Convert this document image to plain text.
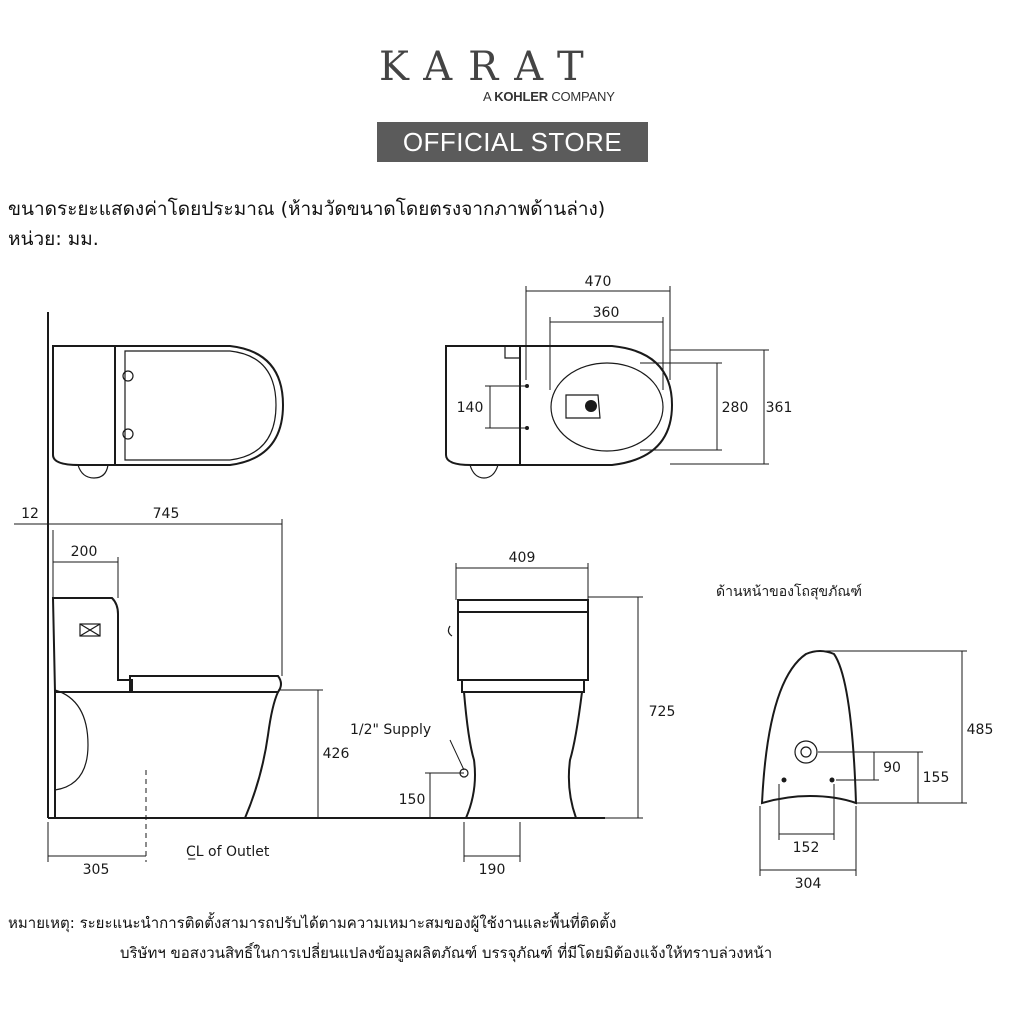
KARAT
A KOHLER COMPANY
OFFICIAL STORE
ขนาดระยะแสดงค่าโดยประมาณ (ห้ามวัดขนาดโดยตรงจากภาพด้านล่าง)
หน่วย: มม.
470
360
140	280 361
12	745
200
426
305
C̲L of Outlet
409
725
1/2" Supply
150
190
ด้านหน้าของโถสุขภัณฑ์
485
90
155
152
304
หมายเหตุ: ระยะแนะนำการติดตั้งสามารถปรับได้ตามความเหมาะสมของผู้ใช้งานและพื้นที่ติดตั้ง
บริษัทฯ ขอสงวนสิทธิ์ในการเปลี่ยนแปลงข้อมูลผลิตภัณฑ์ บรรจุภัณฑ์ ที่มีโดยมิต้องแจ้งให้ทราบล่วงหน้า
